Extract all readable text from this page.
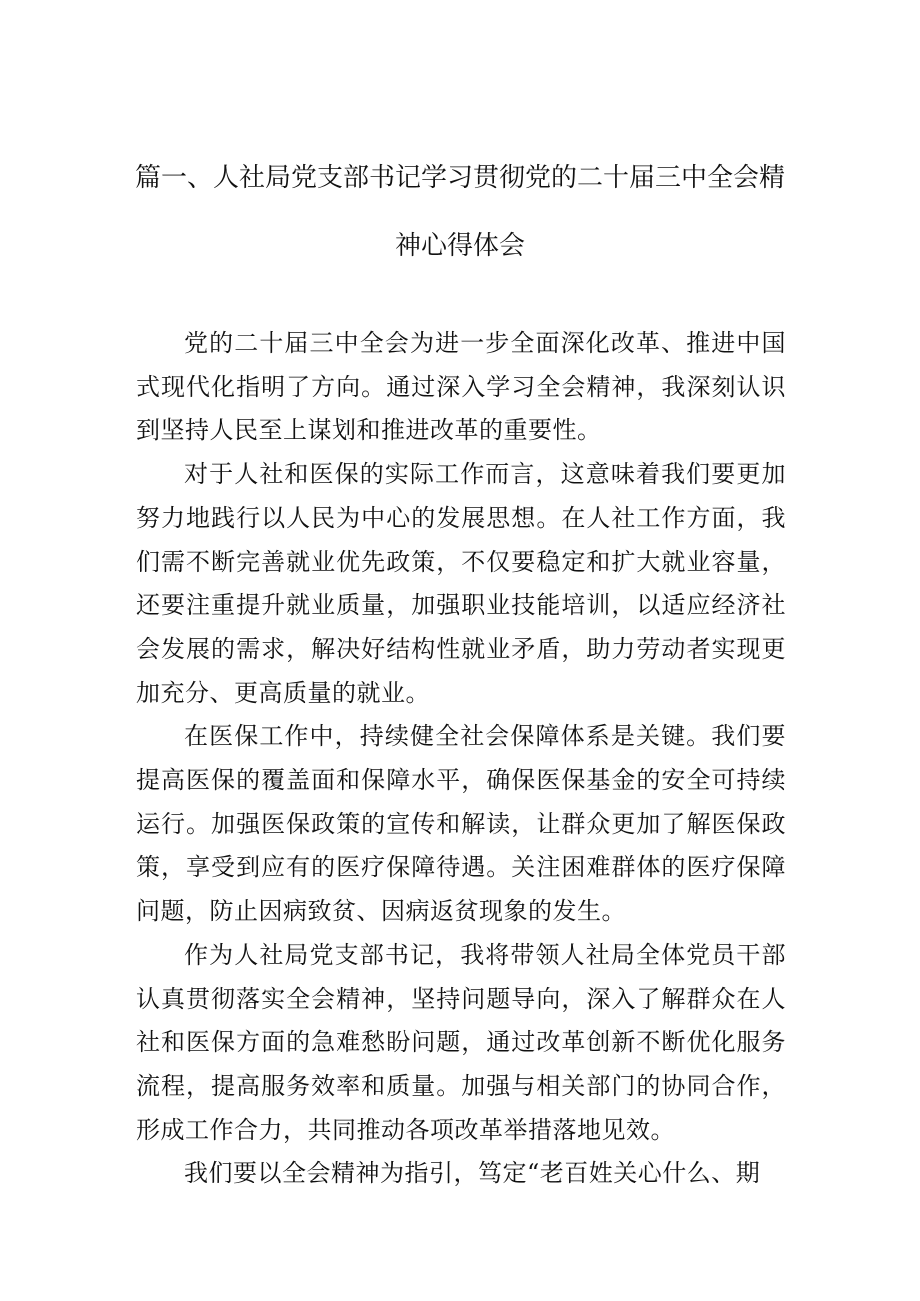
篇一、人社局党支部书记学习贯彻党的二十届三中全会精
神心得体会

党的二十届三中全会为进一步全面深化改革、推进中国式现代化指明了方向。通过深入学习全会精神，我深刻认识到坚持人民至上谋划和推进改革的重要性。

对于人社和医保的实际工作而言，这意味着我们要更加努力地践行以人民为中心的发展思想。在人社工作方面，我们需不断完善就业优先政策，不仅要稳定和扩大就业容量，还要注重提升就业质量，加强职业技能培训，以适应经济社会发展的需求，解决好结构性就业矛盾，助力劳动者实现更加充分、更高质量的就业。

在医保工作中，持续健全社会保障体系是关键。我们要提高医保的覆盖面和保障水平，确保医保基金的安全可持续运行。加强医保政策的宣传和解读，让群众更加了解医保政策，享受到应有的医疗保障待遇。关注困难群体的医疗保障问题，防止因病致贫、因病返贫现象的发生。

作为人社局党支部书记，我将带领人社局全体党员干部认真贯彻落实全会精神，坚持问题导向，深入了解群众在人社和医保方面的急难愁盼问题，通过改革创新不断优化服务流程，提高服务效率和质量。加强与相关部门的协同合作，形成工作合力，共同推动各项改革举措落地见效。

我们要以全会精神为指引，笃定“老百姓关心什么、期
